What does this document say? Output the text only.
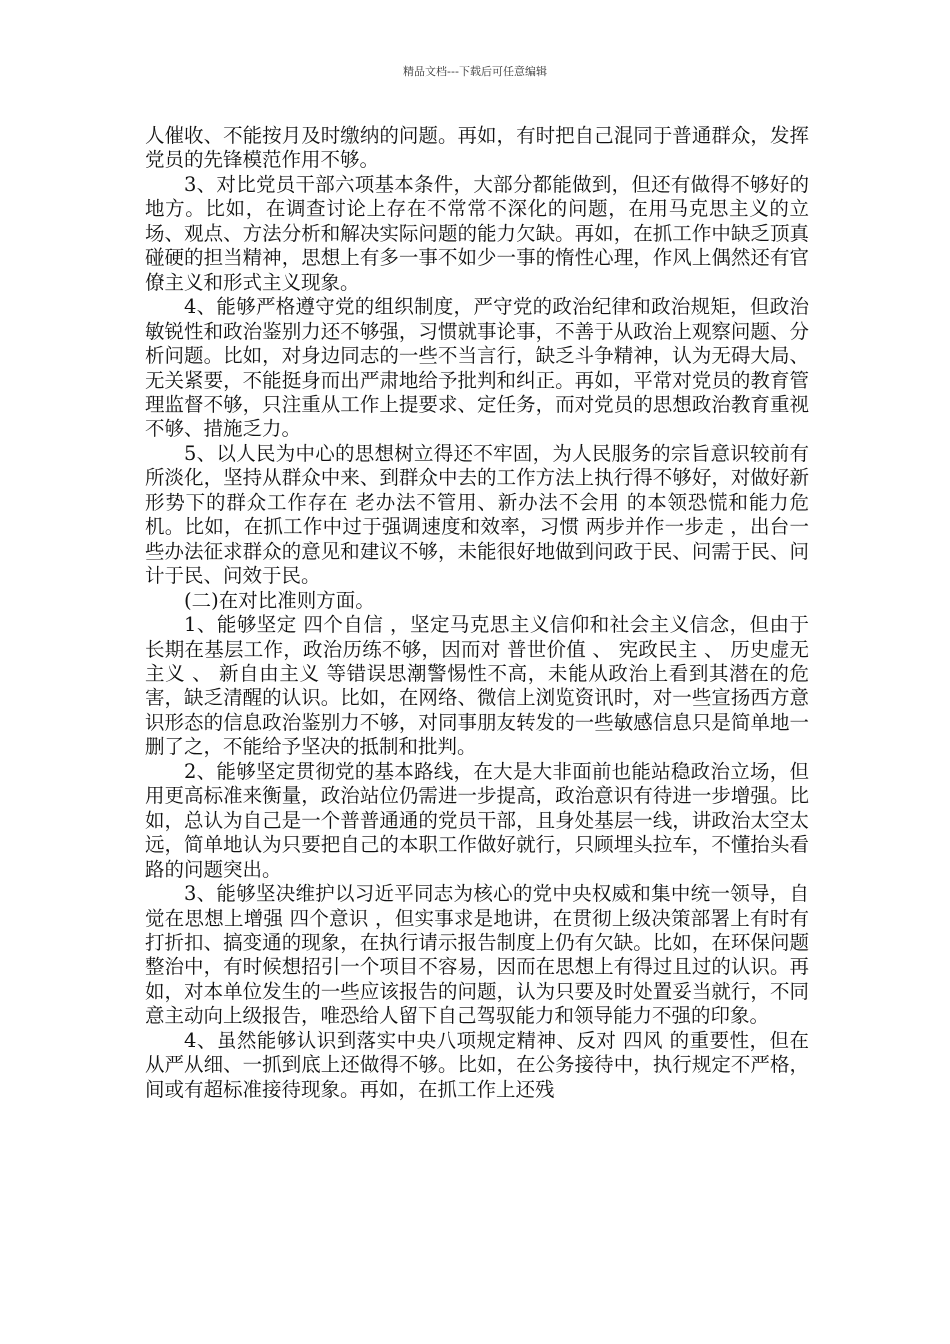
精品文档---下载后可任意编辑

人催收、不能按月及时缴纳的问题。再如，有时把自己混同于普通群众，发挥党员的先锋模范作用不够。

3、对比党员干部六项基本条件，大部分都能做到，但还有做得不够好的地方。比如，在调查讨论上存在不常常不深化的问题，在用马克思主义的立场、观点、方法分析和解决实际问题的能力欠缺。再如，在抓工作中缺乏顶真碰硬的担当精神，思想上有多一事不如少一事的惰性心理，作风上偶然还有官僚主义和形式主义现象。

4、能够严格遵守党的组织制度，严守党的政治纪律和政治规矩，但政治敏锐性和政治鉴别力还不够强，习惯就事论事，不善于从政治上观察问题、分析问题。比如，对身边同志的一些不当言行，缺乏斗争精神，认为无碍大局、无关紧要，不能挺身而出严肃地给予批判和纠正。再如，平常对党员的教育管理监督不够，只注重从工作上提要求、定任务，而对党员的思想政治教育重视不够、措施乏力。

5、以人民为中心的思想树立得还不牢固，为人民服务的宗旨意识较前有所淡化，坚持从群众中来、到群众中去的工作方法上执行得不够好，对做好新形势下的群众工作存在 老办法不管用、新办法不会用 的本领恐慌和能力危机。比如，在抓工作中过于强调速度和效率，习惯 两步并作一步走 ，出台一些办法征求群众的意见和建议不够，未能很好地做到问政于民、问需于民、问计于民、问效于民。

(二)在对比准则方面。

1、能够坚定 四个自信 ，坚定马克思主义信仰和社会主义信念，但由于长期在基层工作，政治历练不够，因而对 普世价值 、 宪政民主 、 历史虚无主义 、 新自由主义 等错误思潮警惕性不高，未能从政治上看到其潜在的危害，缺乏清醒的认识。比如，在网络、微信上浏览资讯时，对一些宣扬西方意识形态的信息政治鉴别力不够，对同事朋友转发的一些敏感信息只是简单地一删了之，不能给予坚决的抵制和批判。

2、能够坚定贯彻党的基本路线，在大是大非面前也能站稳政治立场，但用更高标准来衡量，政治站位仍需进一步提高，政治意识有待进一步增强。比如，总认为自己是一个普普通通的党员干部，且身处基层一线，讲政治太空太远，简单地认为只要把自己的本职工作做好就行，只顾埋头拉车，不懂抬头看路的问题突出。

3、能够坚决维护以习近平同志为核心的党中央权威和集中统一领导，自觉在思想上增强 四个意识 ，但实事求是地讲，在贯彻上级决策部署上有时有打折扣、搞变通的现象，在执行请示报告制度上仍有欠缺。比如，在环保问题整治中，有时候想招引一个项目不容易，因而在思想上有得过且过的认识。再如，对本单位发生的一些应该报告的问题，认为只要及时处置妥当就行，不同意主动向上级报告，唯恐给人留下自己驾驭能力和领导能力不强的印象。

4、虽然能够认识到落实中央八项规定精神、反对 四风 的重要性，但在从严从细、一抓到底上还做得不够。比如，在公务接待中，执行规定不严格，间或有超标准接待现象。再如，在抓工作上还残
